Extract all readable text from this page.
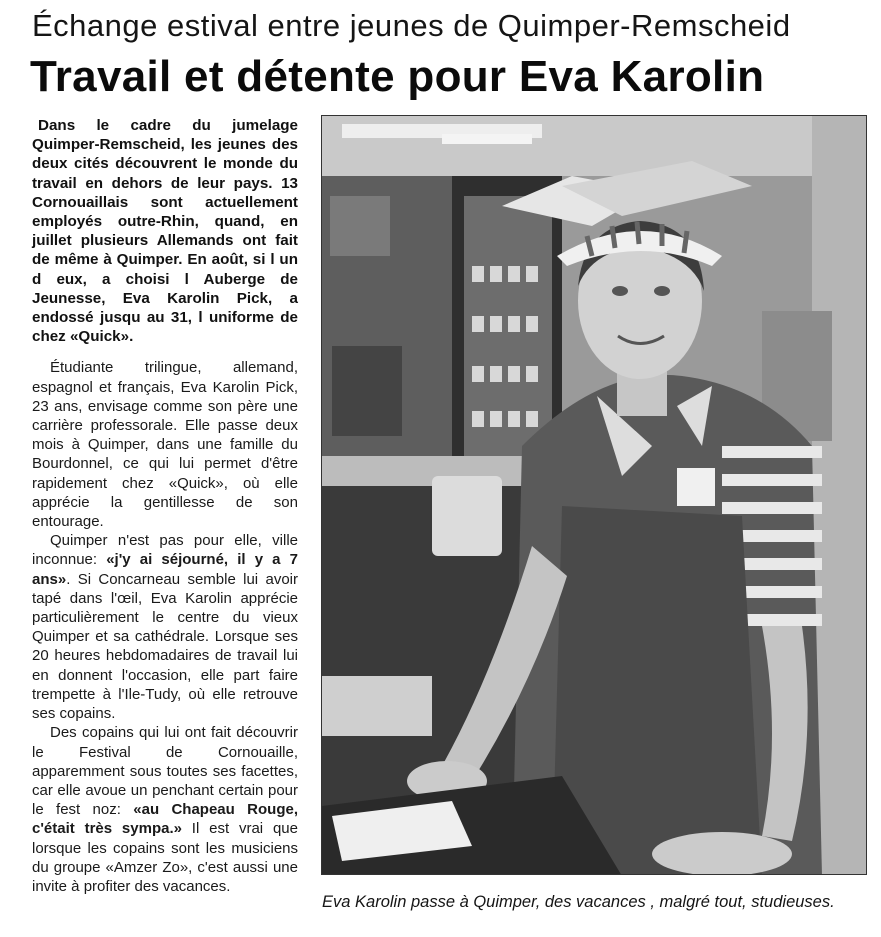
Échange estival entre jeunes de Quimper-Remscheid
Travail et détente pour Eva Karolin

Dans le cadre du jumelage Quimper-Remscheid, les jeunes des deux cités découvrent le monde du travail en dehors de leur pays. 13 Cornouaillais sont actuellement employés outre-Rhin, quand, en juillet plusieurs Allemands ont fait de même à Quimper. En août, si l un d eux, a choisi l Auberge de Jeunesse, Eva Karolin Pick, a endossé jusqu au 31, l uniforme de chez «Quick».

Étudiante trilingue, allemand, espagnol et français, Eva Karolin Pick, 23 ans, envisage comme son père une carrière professorale. Elle passe deux mois à Quimper, dans une famille du Bourdonnel, ce qui lui permet d'être rapidement chez «Quick», où elle apprécie la gentillesse de son entourage.

Quimper n'est pas pour elle, ville inconnue: «j'y ai séjourné, il y a 7 ans». Si Concarneau semble lui avoir tapé dans l'œil, Eva Karolin apprécie particulièrement le centre du vieux Quimper et sa cathédrale. Lorsque ses 20 heures hebdomadaires de travail lui en donnent l'occasion, elle part faire trempette à l'Ile-Tudy, où elle retrouve ses copains.

Des copains qui lui ont fait découvrir le Festival de Cornouaille, apparemment sous toutes ses facettes, car elle avoue un penchant certain pour le fest noz: «au Chapeau Rouge, c'était très sympa.» Il est vrai que lorsque les copains sont les musiciens du groupe «Amzer Zo», c'est aussi une invite à profiter des vacances.

Eva Karolin passe à Quimper, des vacances , malgré tout, studieuses.
